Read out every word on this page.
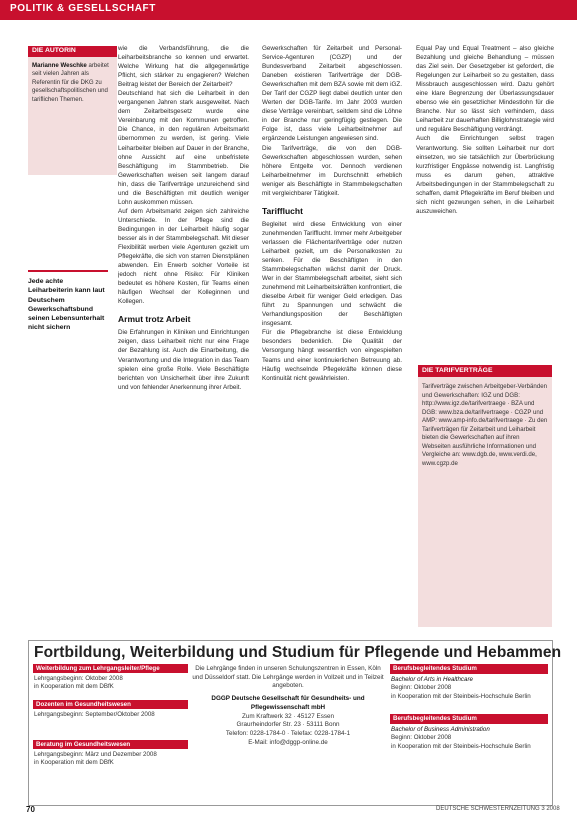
POLITIK & GESELLSCHAFT
DIE AUTORIN
Marianne Weschke arbeitet seit vielen Jahren als Referentin für die DKG zu gesellschaftspolitischen und tariflichen Themen.
Jede achte Leiharbeiterin kann laut Deutschem Gewerkschaftsbund seinen Lebensunterhalt nicht sichern

wie die Verbandsführung, die die Leiharbeitsbranche so kennen und erwartet. Welche Wirkung hat die allgegenwärtige Pflicht, sich stärker zu engagieren? Welchen Beitrag leistet der Bereich der Zeitarbeit?

Deutschland hat sich die Leiharbeit in den vergangenen Jahren stark ausgeweitet. Nach dem Zeitarbeitsgesetz wurde eine Vereinbarung mit den Kommunen getroffen. Die Chance, in den regulären Arbeitsmarkt übernommen zu werden, ist gering. Viele Leiharbeiter bleiben auf Dauer in der Branche, ohne Aussicht auf eine unbefristete Beschäftigung im Stammbetrieb. Die Gewerkschaften weisen seit langem darauf hin, dass die Tarifverträge unzureichend sind und die Beschäftigten mit deutlich weniger Lohn auskommen müssen.

Auf dem Arbeitsmarkt zeigen sich zahlreiche Unterschiede. In der Pflege sind die Bedingungen in der Leiharbeit häufig sogar besser als in der Stammbelegschaft. Mit dieser Flexibilität werben viele Agenturen gezielt um Pflegekräfte, die sich von starren Dienstplänen abwenden. Ein Erwerb solcher Vorteile ist jedoch nicht ohne Risiko: Für Kliniken bedeutet es höhere Kosten, für Teams einen häufigen Wechsel der Kolleginnen und Kollegen.

Armut trotz Arbeit

Die Erfahrungen in Kliniken und Einrichtungen zeigen, dass Leiharbeit nicht nur eine Frage der Bezahlung ist. Auch die Einarbeitung, die Verantwortung und die Integration in das Team spielen eine große Rolle. Viele Beschäftigte berichten von Unsicherheit über ihre Zukunft und von fehlender Anerkennung ihrer Arbeit.

Gewerkschaften für Zeitarbeit und Personal-Service-Agenturen (CGZP) und der Bundesverband Zeitarbeit abgeschlossen. Daneben existieren Tarifverträge der DGB-Gewerkschaften mit dem BZA sowie mit dem iGZ. Der Tarif der CGZP liegt dabei deutlich unter den Werten der DGB-Tarife. Im Jahr 2003 wurden diese Verträge vereinbart, seitdem sind die Löhne in der Branche nur geringfügig gestiegen. Die Folge ist, dass viele Leiharbeitnehmer auf ergänzende Leistungen angewiesen sind.

Die Tarifverträge, die von den DGB-Gewerkschaften abgeschlossen wurden, sehen höhere Entgelte vor. Dennoch verdienen Leiharbeitnehmer im Durchschnitt erheblich weniger als Beschäftigte in Stammbelegschaften mit vergleichbarer Tätigkeit.

Tarifflucht

Begleitet wird diese Entwicklung von einer zunehmenden Tarifflucht. Immer mehr Arbeitgeber verlassen die Flächentarifverträge oder nutzen Leiharbeit gezielt, um die Personalkosten zu senken. Für die Beschäftigten in den Stammbelegschaften wächst damit der Druck. Wer in der Stammbelegschaft arbeitet, sieht sich zunehmend mit Leiharbeitskräften konfrontiert, die dieselbe Arbeit für weniger Geld erledigen. Das führt zu Spannungen und schwächt die Verhandlungsposition der Beschäftigten insgesamt.

Für die Pflegebranche ist diese Entwicklung besonders bedenklich. Die Qualität der Versorgung hängt wesentlich von eingespielten Teams und einer kontinuierlichen Betreuung ab. Häufig wechselnde Pflegekräfte können diese Kontinuität nicht gewährleisten.

Equal Pay und Equal Treatment – also gleiche Bezahlung und gleiche Behandlung – müssen das Ziel sein. Der Gesetzgeber ist gefordert, die Regelungen zur Leiharbeit so zu gestalten, dass Missbrauch ausgeschlossen wird. Dazu gehört eine klare Begrenzung der Überlassungsdauer ebenso wie ein gesetzlicher Mindestlohn für die Branche. Nur so lässt sich verhindern, dass Leiharbeit zur dauerhaften Billiglohnstrategie wird und reguläre Beschäftigung verdrängt.

Auch die Einrichtungen selbst tragen Verantwortung. Sie sollten Leiharbeit nur dort einsetzen, wo sie tatsächlich zur Überbrückung kurzfristiger Engpässe notwendig ist. Langfristig muss es darum gehen, attraktive Arbeitsbedingungen in der Stammbelegschaft zu schaffen, damit Pflegekräfte im Beruf bleiben und sich nicht gezwungen sehen, in die Leiharbeit auszuweichen.

DIE TARIFVERTRÄGE
Tarifverträge zwischen Arbeitgeber-Verbänden und Gewerkschaften: IGZ und DGB: http://www.igz.de/tarifvertraege · BZA und DGB: www.bza.de/tarifvertraege · CGZP und AMP: www.amp-info.de/tarifvertraege · Zu den Tarifverträgen für Zeitarbeit und Leiharbeit bieten die Gewerkschaften auf ihren Webseiten ausführliche Informationen und Vergleiche an: www.dgb.de, www.verdi.de, www.cgzp.de
Fortbildung, Weiterbildung und Studium für Pflegende und Hebammen
Weiterbildung zum Lehrgangsleiter/Pflege
Lehrgangsbeginn: Oktober 2008
in Kooperation mit dem DBfK
Dozenten im Gesundheitswesen
Lehrgangsbeginn: September/Oktober 2008
Beratung im Gesundheitswesen
Lehrgangsbeginn: März und Dezember 2008
in Kooperation mit dem DBfK
Die Lehrgänge finden in unseren Schulungszentren in Essen, Köln und Düsseldorf statt. Die Lehrgänge werden in Vollzeit und in Teilzeit angeboten.
DGGP Deutsche Gesellschaft für Gesundheits- und Pflegewissenschaft mbH
Zum Kraftwerk 32 · 45127 Essen
Graurheindorfer Str. 23 · 53111 Bonn
Telefon: 0228-1784-0 · Telefax: 0228-1784-1
E-Mail: info@dggp-online.de
Berufsbegleitendes Studium
Bachelor of Arts in Healthcare
Beginn: Oktober 2008
in Kooperation mit der Steinbeis-Hochschule Berlin
Berufsbegleitendes Studium
Bachelor of Business Administration
Beginn: Oktober 2008
in Kooperation mit der Steinbeis-Hochschule Berlin
70	DEUTSCHE SCHWESTERNZEITUNG 3 2008
